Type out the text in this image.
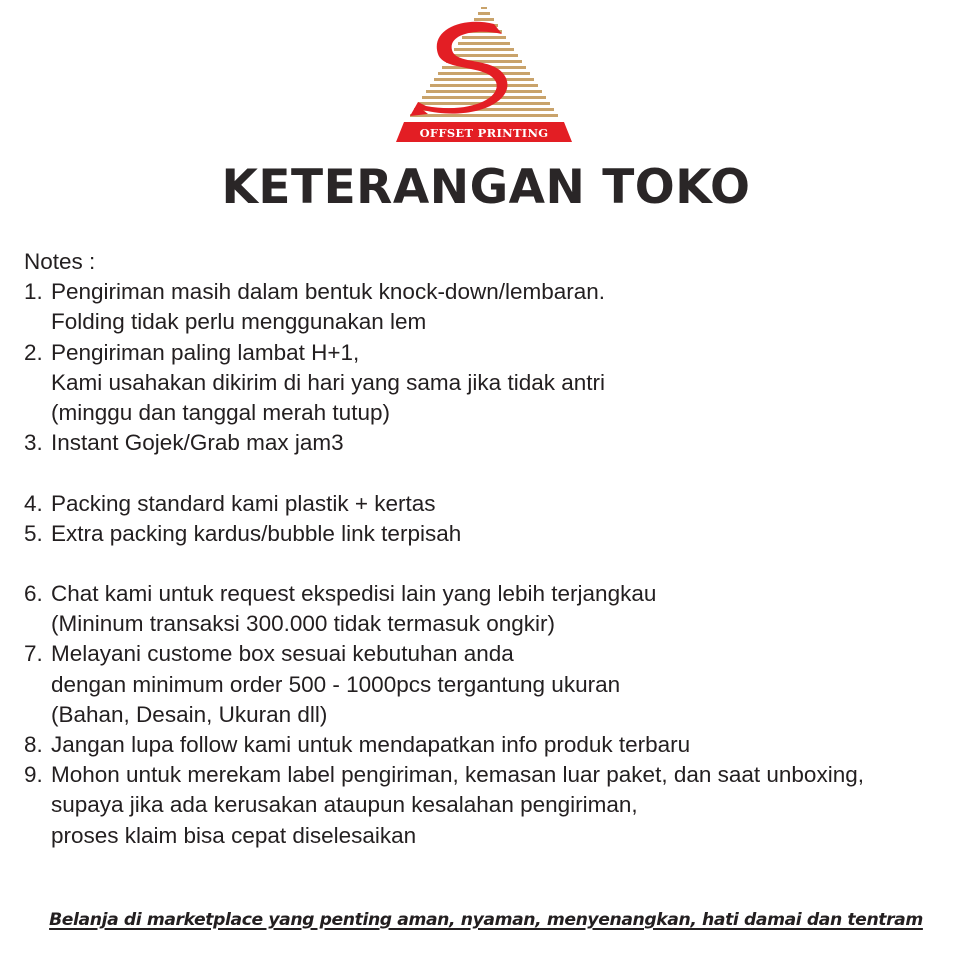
OFFSET PRINTING
KETERANGAN TOKO
Notes :
1. Pengiriman masih dalam bentuk knock-down/lembaran.
Folding tidak perlu menggunakan lem
2. Pengiriman paling lambat H+1,
Kami usahakan dikirim di hari yang sama jika tidak antri
(minggu dan tanggal merah tutup)
3. Instant Gojek/Grab max jam3
4. Packing standard kami plastik + kertas
5. Extra packing kardus/bubble link terpisah
6. Chat kami untuk request ekspedisi lain yang lebih terjangkau
(Mininum transaksi 300.000 tidak termasuk ongkir)
7. Melayani custome box sesuai kebutuhan anda
dengan minimum order 500 - 1000pcs tergantung ukuran
(Bahan, Desain, Ukuran dll)
8. Jangan lupa follow kami untuk mendapatkan info produk terbaru
9. Mohon untuk merekam label pengiriman, kemasan luar paket, dan saat unboxing,
supaya jika ada kerusakan ataupun kesalahan pengiriman,
proses klaim bisa cepat diselesaikan
Belanja di marketplace yang penting aman, nyaman, menyenangkan, hati damai dan tentram
